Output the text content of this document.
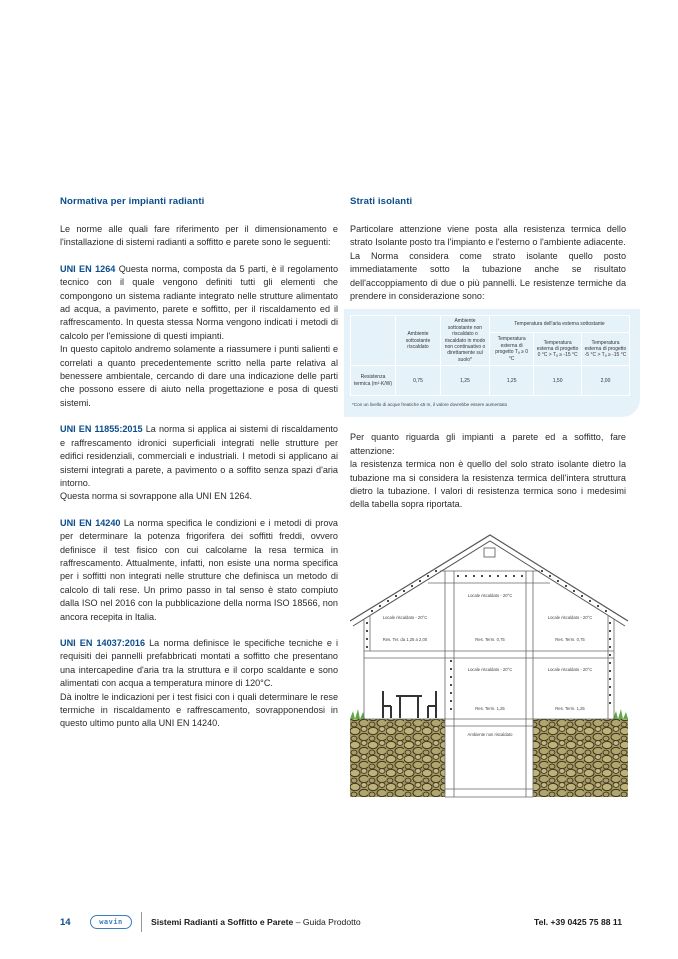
Normativa per impianti radianti

Le norme alle quali fare riferimento per il dimensionamento e l'installazione di sistemi radianti a soffitto e parete sono le seguenti:

UNI EN 1264 Questa norma, composta da 5 parti, è il regolamento tecnico con il quale vengono definiti tutti gli elementi che compongono un sistema radiante integrato nelle strutture alimentato ad acqua, a pavimento, parete e soffitto, per il riscaldamento ed il raffrescamento. In questa stessa Norma vengono indicati i metodi di calcolo per l'emissione di questi impianti.
In questo capitolo andremo solamente a riassumere i punti salienti e correlati a quanto precedentemente scritto nella parte relativa al benessere ambientale, cercando di dare una indicazione delle parti che possono essere di aiuto nella progettazione e posa di questi sistemi.

UNI EN 11855:2015 La norma si applica ai sistemi di riscaldamento e raffrescamento idronici superficiali integrati nelle strutture per edifici residenziali, commerciali e industriali. I metodi si applicano ai sistemi integrati a parete, a pavimento o a soffito senza spazi d'aria intorno.
Questa norma si sovrappone alla UNI EN 1264.

UNI EN 14240 La norma specifica le condizioni e i metodi di prova per determinare la potenza frigorifera dei soffitti freddi, ovvero definisce il test fisico con cui calcolarne la resa termica in raffrescamento. Attualmente, infatti, non esiste una norma specifica per i soffitti non integrati nelle strutture che definisca un metodo di calcolo di tali rese. Un primo passo in tal senso è stato compiuto dalla ISO nel 2016 con la pubblicazione della norma ISO 18566, non ancora recepita in Italia.

UNI EN 14037:2016 La norma definisce le specifiche tecniche e i requisiti dei pannelli prefabbricati montati a soffitto che presentano una intercapedine d'aria tra la struttura e il corpo scaldante e sono alimentati con acqua a temperatura minore di 120°C.
Dà inoltre le indicazioni per i test fisici con i quali determinare le rese termiche in riscaldamento e raffrescamento, sovrapponendosi in questo ultimo punto alla UNI EN 14240.

Strati isolanti

Particolare attenzione viene posta alla resistenza termica dello strato Isolante posto tra l'impianto e l'esterno o l'ambiente adiacente.

La Norma considera come strato isolante quello posto immediatamente sotto la tubazione anche se risultato dell'accoppiamento di due o più pannelli. Le resistenze termiche da prendere in considerazione sono:

	Ambiente sottostante riscaldato	Ambiente sottostante non riscaldato o riscaldato in modo non continuativo o direttamente sul suolo*	Temperatura dell'aria esterna sottostante		
			Temperatura esterna di progetto Tₐ ≥ 0 °C	Temperatura esterna di progetto 0 °C > Tₐ ≥ -15 °C	Temperatura esterna di progetto -5 °C > Tₐ ≥ -15 °C
Resistenza termica (m²·K/W)	0,75	1,25	1,25	1,50	2,00
*Con un livello di acque freatiche ≤5 m, il valore dovrebbe essere aumentato

Per quanto riguarda gli impianti a parete ed a soffitto, fare attenzione:

la resistenza termica non è quello del solo strato isolante dietro la tubazione ma si considera la resistenza termica dell'intera struttura dietro la tubazione. I valori di resistenza termica sono i medesimi della tabella sopra riportata.

Locale riscaldato - 20°C
Locale riscaldato - 20°C	Locale riscaldato - 20°C
Res. Ter. da 1,25 a 2,00	Res. Term. 0,75	Res. Term. 0,75
Locale riscaldato - 20°C	Locale riscaldato - 20°C
Res. Term. 1,25	Res. Term. 1,25
Ambiente non riscaldato
14	wavin	Sistemi Radianti a Soffitto e Parete – Guida Prodotto	Tel. +39 0425 75 88 11
